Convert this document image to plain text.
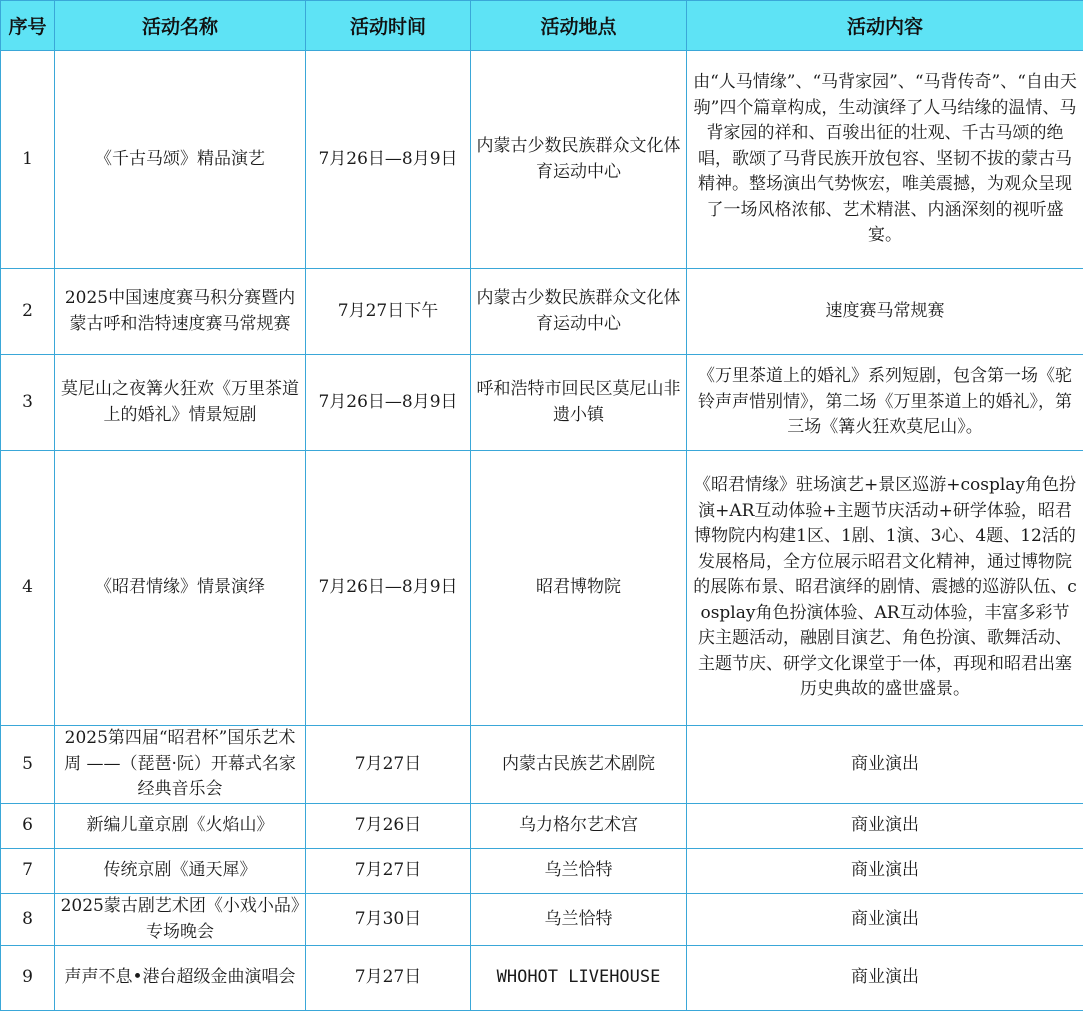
序号	活动名称	活动时间	活动地点	活动内容
1	《千古马颂》精品演艺	7月26日—8月9日	内蒙古少数民族群众文化体育运动中心	由“人马情缘”、“马背家园”、“马背传奇”、“自由天驹”四个篇章构成，生动演绎了人马结缘的温情、马背家园的祥和、百骏出征的壮观、千古马颂的绝唱，歌颂了马背民族开放包容、坚韧不拔的蒙古马精神。整场演出气势恢宏，唯美震撼，为观众呈现了一场风格浓郁、艺术精湛、内涵深刻的视听盛宴。
2	2025中国速度赛马积分赛暨内蒙古呼和浩特速度赛马常规赛	7月27日下午	内蒙古少数民族群众文化体育运动中心	速度赛马常规赛
3	莫尼山之夜篝火狂欢《万里茶道上的婚礼》情景短剧	7月26日—8月9日	呼和浩特市回民区莫尼山非遗小镇	《万里茶道上的婚礼》系列短剧，包含第一场《驼铃声声惜别情》，第二场《万里茶道上的婚礼》，第三场《篝火狂欢莫尼山》。
4	《昭君情缘》情景演绎	7月26日—8月9日	昭君博物院	《昭君情缘》驻场演艺+景区巡游+cosplay角色扮演+AR互动体验+主题节庆活动+研学体验，昭君博物院内构建1区、1剧、1演、3心、4题、12活的发展格局，全方位展示昭君文化精神，通过博物院的展陈布景、昭君演绎的剧情、震撼的巡游队伍、cosplay角色扮演体验、AR互动体验，丰富多彩节庆主题活动，融剧目演艺、角色扮演、歌舞活动、主题节庆、研学文化课堂于一体，再现和昭君出塞历史典故的盛世盛景。
5	2025第四届“昭君杯”国乐艺术周 ——（琵琶·阮）开幕式名家经典音乐会	7月27日	内蒙古民族艺术剧院	商业演出
6	新编儿童京剧《火焰山》	7月26日	乌力格尔艺术宫	商业演出
7	传统京剧《通天犀》	7月27日	乌兰恰特	商业演出
8	2025蒙古剧艺术团《小戏小品》专场晚会	7月30日	乌兰恰特	商业演出
9	声声不息•港台超级金曲演唱会	7月27日	WHOHOT LIVEHOUSE	商业演出
